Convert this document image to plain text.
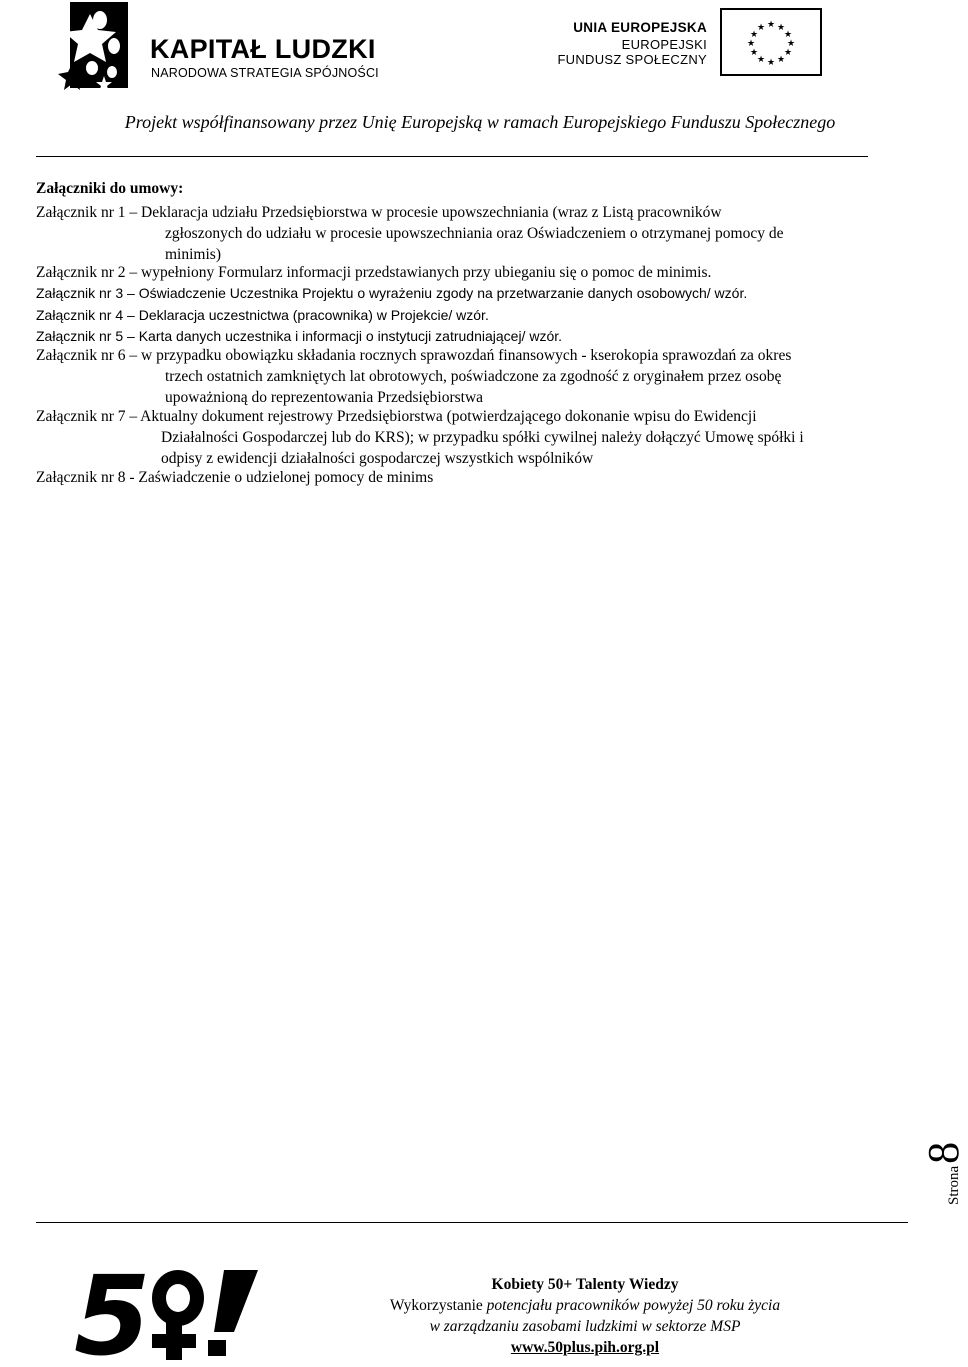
KAPITAŁ LUDZKI
NARODOWA STRATEGIA SPÓJNOŚCI
UNIA EUROPEJSKA
EUROPEJSKI
FUNDUSZ SPOŁECZNY
★ ★
★
★
★
★
★
★
★
★
★
★
Projekt współfinansowany przez Unię Europejską w ramach Europejskiego Funduszu Społecznego
Załączniki do umowy:
Załącznik nr 1 – Deklaracja udziału Przedsiębiorstwa w procesie upowszechniania (wraz z Listą pracowników
zgłoszonych do udziału w procesie upowszechniania oraz Oświadczeniem o otrzymanej pomocy de
minimis)
Załącznik nr 2 – wypełniony Formularz informacji przedstawianych przy ubieganiu się o pomoc de minimis.
Załącznik nr 3 – Oświadczenie Uczestnika Projektu o wyrażeniu zgody na przetwarzanie danych osobowych/ wzór.
Załącznik nr 4 – Deklaracja uczestnictwa (pracownika) w Projekcie/ wzór.
Załącznik nr 5 – Karta danych uczestnika i informacji o instytucji zatrudniającej/ wzór.
Załącznik nr 6 – w przypadku obowiązku składania rocznych sprawozdań finansowych - kserokopia sprawozdań za okres
trzech ostatnich zamkniętych lat obrotowych, poświadczone za zgodność z oryginałem przez osobę
upoważnioną do reprezentowania Przedsiębiorstwa
Załącznik nr 7 – Aktualny dokument rejestrowy Przedsiębiorstwa (potwierdzającego dokonanie wpisu do Ewidencji
Działalności Gospodarczej lub do KRS); w przypadku spółki cywilnej należy dołączyć Umowę spółki i
odpisy z ewidencji działalności gospodarczej wszystkich wspólników
Załącznik nr 8 - Zaświadczenie o udzielonej pomocy de minims
Strona
8
5	Kobiety 50+ Talenty Wiedzy
Wykorzystanie potencjału pracowników powyżej 50 roku życia
w zarządzaniu zasobami ludzkimi w sektorze MSP
www.50plus.pih.org.pl
